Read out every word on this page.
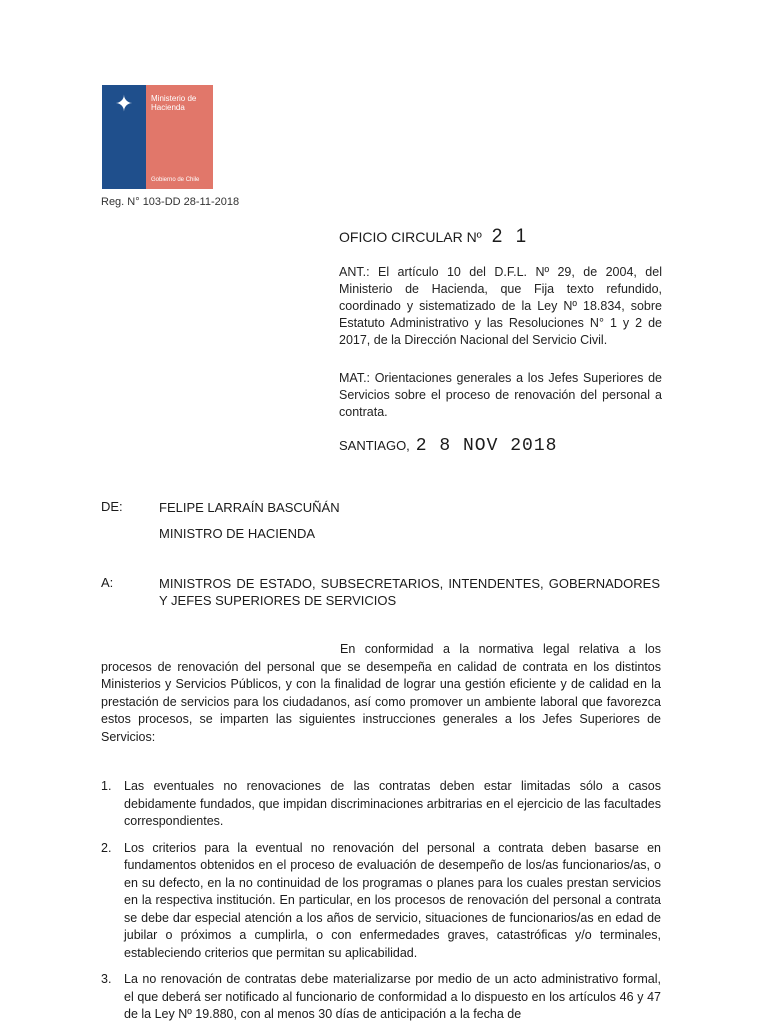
✦	Ministerio de Hacienda
Gobierno de Chile
Reg. N° 103-DD 28-11-2018
OFICIO CIRCULAR Nº 2 1
ANT.: El artículo 10 del D.F.L. Nº 29, de 2004, del Ministerio de Hacienda, que Fija texto refundido, coordinado y sistematizado de la Ley Nº 18.834, sobre Estatuto Administrativo y las Resoluciones N° 1 y 2 de 2017, de la Dirección Nacional del Servicio Civil.
MAT.: Orientaciones generales a los Jefes Superiores de Servicios sobre el proceso de renovación del personal a contrata.
SANTIAGO, 2 8 NOV 2018
DE:	FELIPE LARRAÍN BASCUÑÁN
MINISTRO DE HACIENDA
A:	MINISTROS DE ESTADO, SUBSECRETARIOS, INTENDENTES, GOBERNADORES Y JEFES SUPERIORES DE SERVICIOS
En conformidad a la normativa legal relativa a los procesos de renovación del personal que se desempeña en calidad de contrata en los distintos Ministerios y Servicios Públicos, y con la finalidad de lograr una gestión eficiente y de calidad en la prestación de servicios para los ciudadanos, así como promover un ambiente laboral que favorezca estos procesos, se imparten las siguientes instrucciones generales a los Jefes Superiores de Servicios:
1.	Las eventuales no renovaciones de las contratas deben estar limitadas sólo a casos debidamente fundados, que impidan discriminaciones arbitrarias en el ejercicio de las facultades correspondientes.
2.	Los criterios para la eventual no renovación del personal a contrata deben basarse en fundamentos obtenidos en el proceso de evaluación de desempeño de los/as funcionarios/as, o en su defecto, en la no continuidad de los programas o planes para los cuales prestan servicios en la respectiva institución. En particular, en los procesos de renovación del personal a contrata se debe dar especial atención a los años de servicio, situaciones de funcionarios/as en edad de jubilar o próximos a cumplirla, o con enfermedades graves, catastróficas y/o terminales, estableciendo criterios que permitan su aplicabilidad.
3.	La no renovación de contratas debe materializarse por medio de un acto administrativo formal, el que deberá ser notificado al funcionario de conformidad a lo dispuesto en los artículos 46 y 47 de la Ley Nº 19.880, con al menos 30 días de anticipación a la fecha de
